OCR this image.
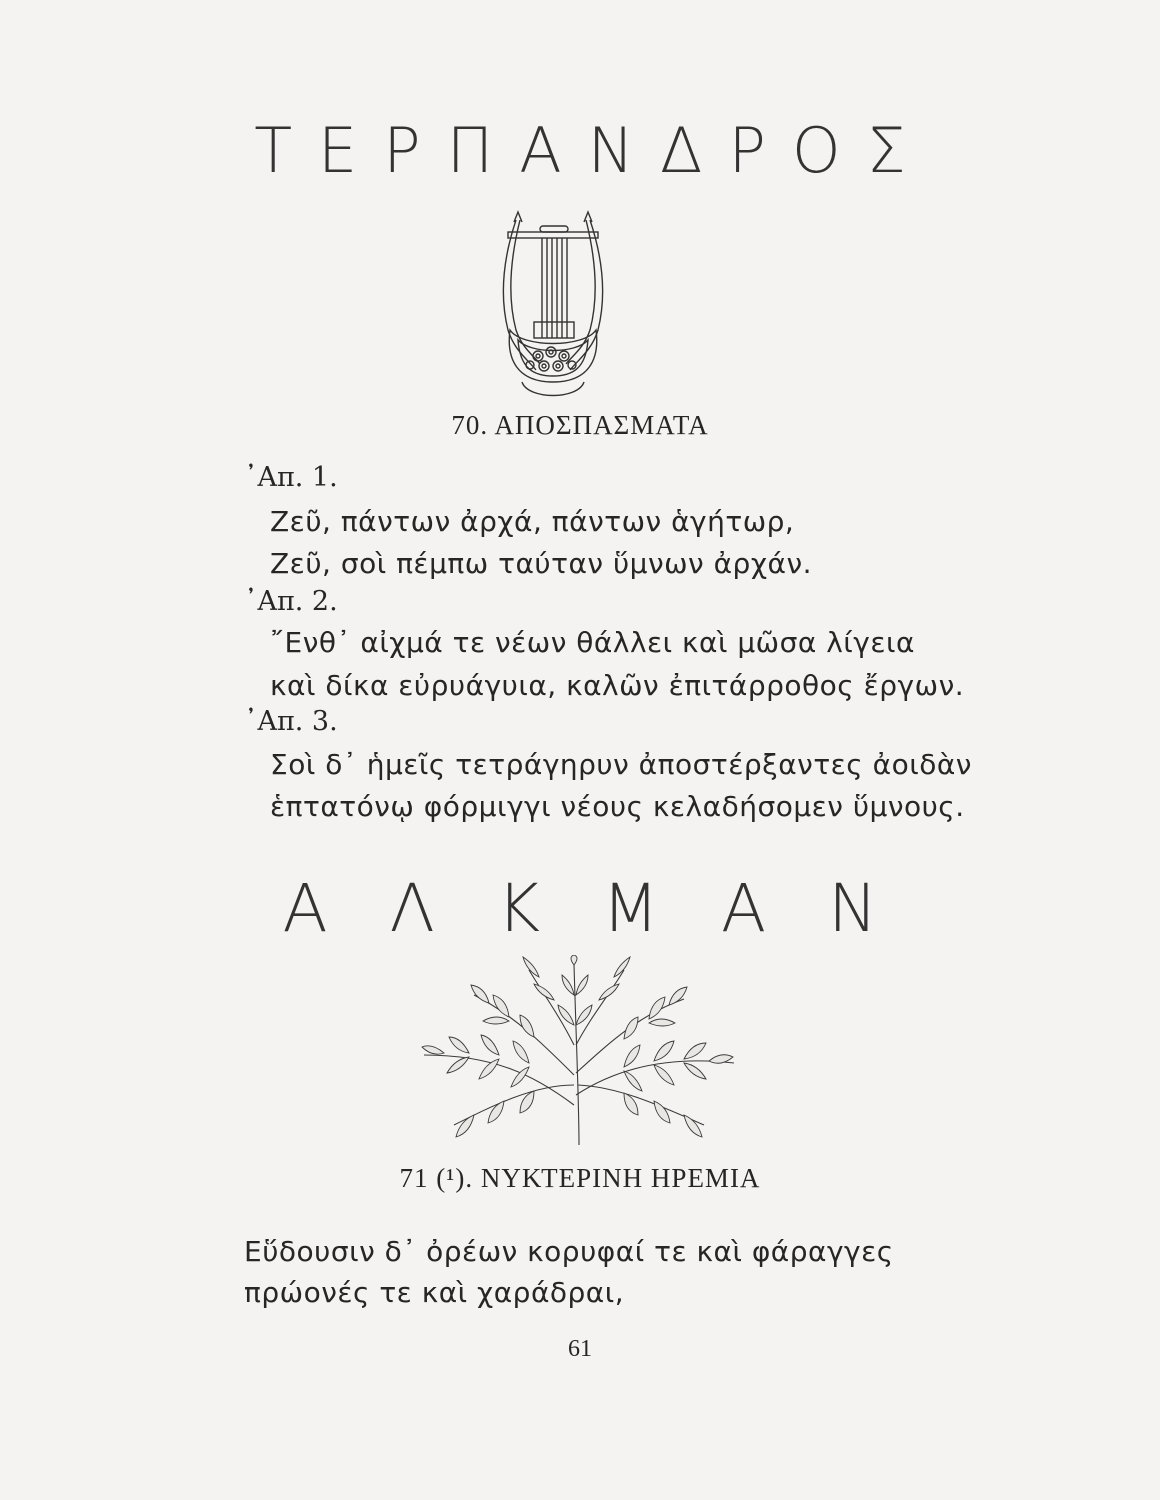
ΤΕΡΠΑΝΔΡΟΣ
70. ΑΠΟΣΠΑΣΜΑΤΑ
᾿Απ. 1.
Ζεῦ, πάντων ἀρχά, πάντων ἁγήτωρ,
Ζεῦ, σοὶ πέμπω ταύταν ὕμνων ἀρχάν.
᾿Απ. 2.
῎Ενθ᾿ αἰχμά τε νέων θάλλει καὶ μῶσα λίγεια
καὶ δίκα εὐρυάγυια, καλῶν ἐπιτάρροθος ἔργων.
᾿Απ. 3.
Σοὶ δ᾿ ἡμεῖς τετράγηρυν ἀποστέρξαντες ἀοιδὰν
ἑπτατόνῳ φόρμιγγι νέους κελαδήσομεν ὕμνους.
ΑΛΚΜΑΝ
71 (¹). ΝΥΚΤΕΡΙΝΗ ΗΡΕΜΙΑ
Εὕδουσιν δ᾿ ὀρέων κορυφαί τε καὶ φάραγγες
πρώονές τε καὶ χαράδραι,
61
